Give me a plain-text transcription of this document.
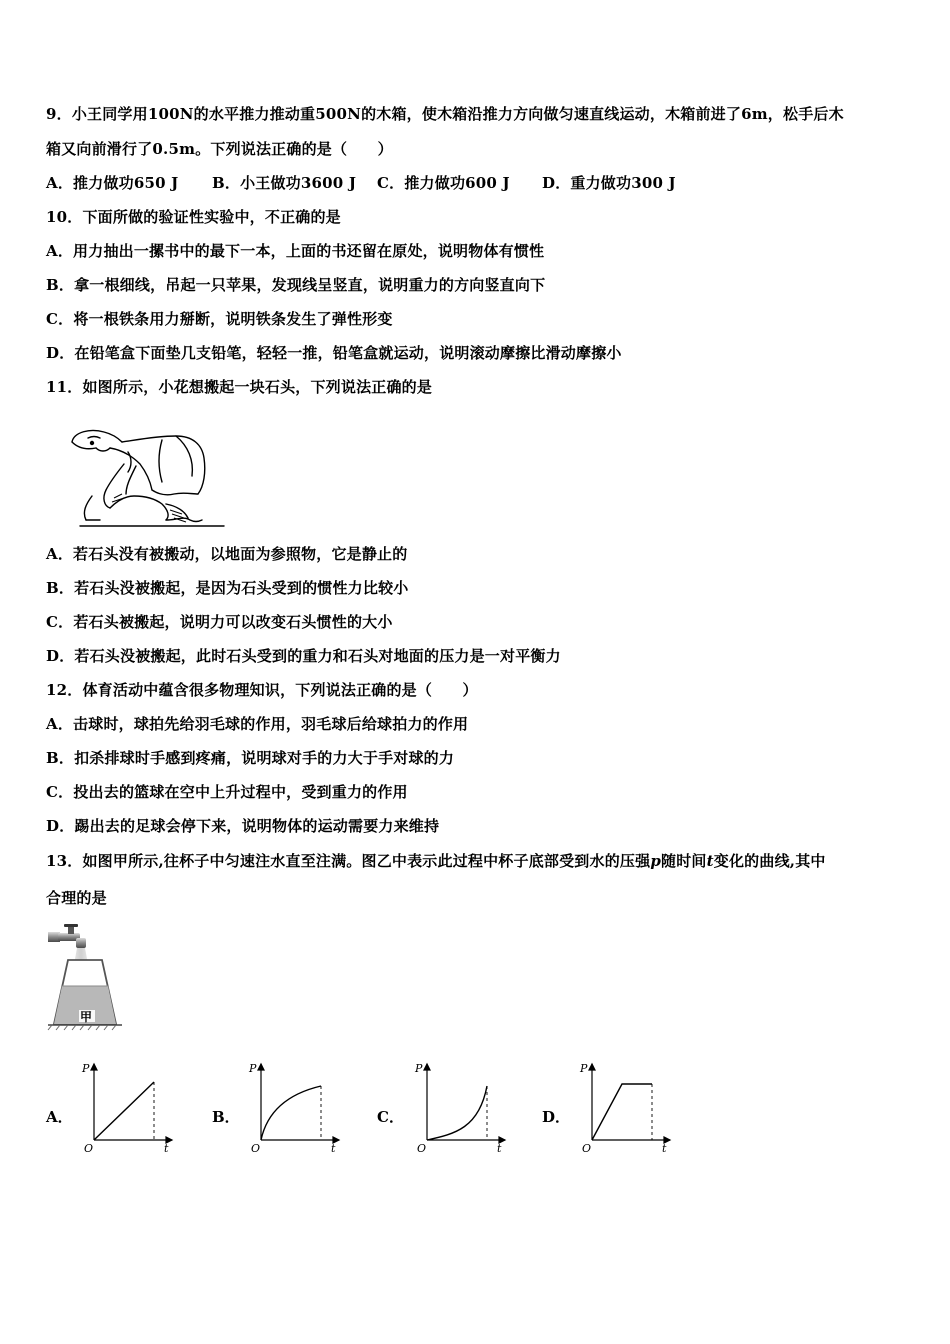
9．小王同学用100N的水平推力推动重500N的木箱，使木箱沿推力方向做匀速直线运动，木箱前进了6m，松手后木
箱又向前滑行了0.5m。下列说法正确的是（　　）
A．推力做功650 J B．小王做功3600 J C．推力做功600 J D．重力做功300 J
10．下面所做的验证性实验中，不正确的是
A．用力抽出一摞书中的最下一本，上面的书还留在原处，说明物体有惯性
B．拿一根细线，吊起一只苹果，发现线呈竖直，说明重力的方向竖直向下
C．将一根铁条用力掰断，说明铁条发生了弹性形变
D．在铅笔盒下面垫几支铅笔，轻轻一推，铅笔盒就运动，说明滚动摩擦比滑动摩擦小
11．如图所示，小花想搬起一块石头，下列说法正确的是
A．若石头没有被搬动，以地面为参照物，它是静止的
B．若石头没被搬起，是因为石头受到的惯性力比较小
C．若石头被搬起，说明力可以改变石头惯性的大小
D．若石头没被搬起，此时石头受到的重力和石头对地面的压力是一对平衡力
12．体育活动中蕴含很多物理知识，下列说法正确的是（　　）
A．击球时，球拍先给羽毛球的作用，羽毛球后给球拍力的作用
B．扣杀排球时手感到疼痛，说明球对手的力大于手对球的力
C．投出去的篮球在空中上升过程中，受到重力的作用
D．踢出去的足球会停下来，说明物体的运动需要力来维持
13．如图甲所示,往杯子中匀速注水直至注满。图乙中表示此过程中杯子底部受到水的压强p随时间t变化的曲线,其中
合理的是
甲
A．
P
O	t
B．
P
O	t
C．
P
O	t
D．
P
O	t
